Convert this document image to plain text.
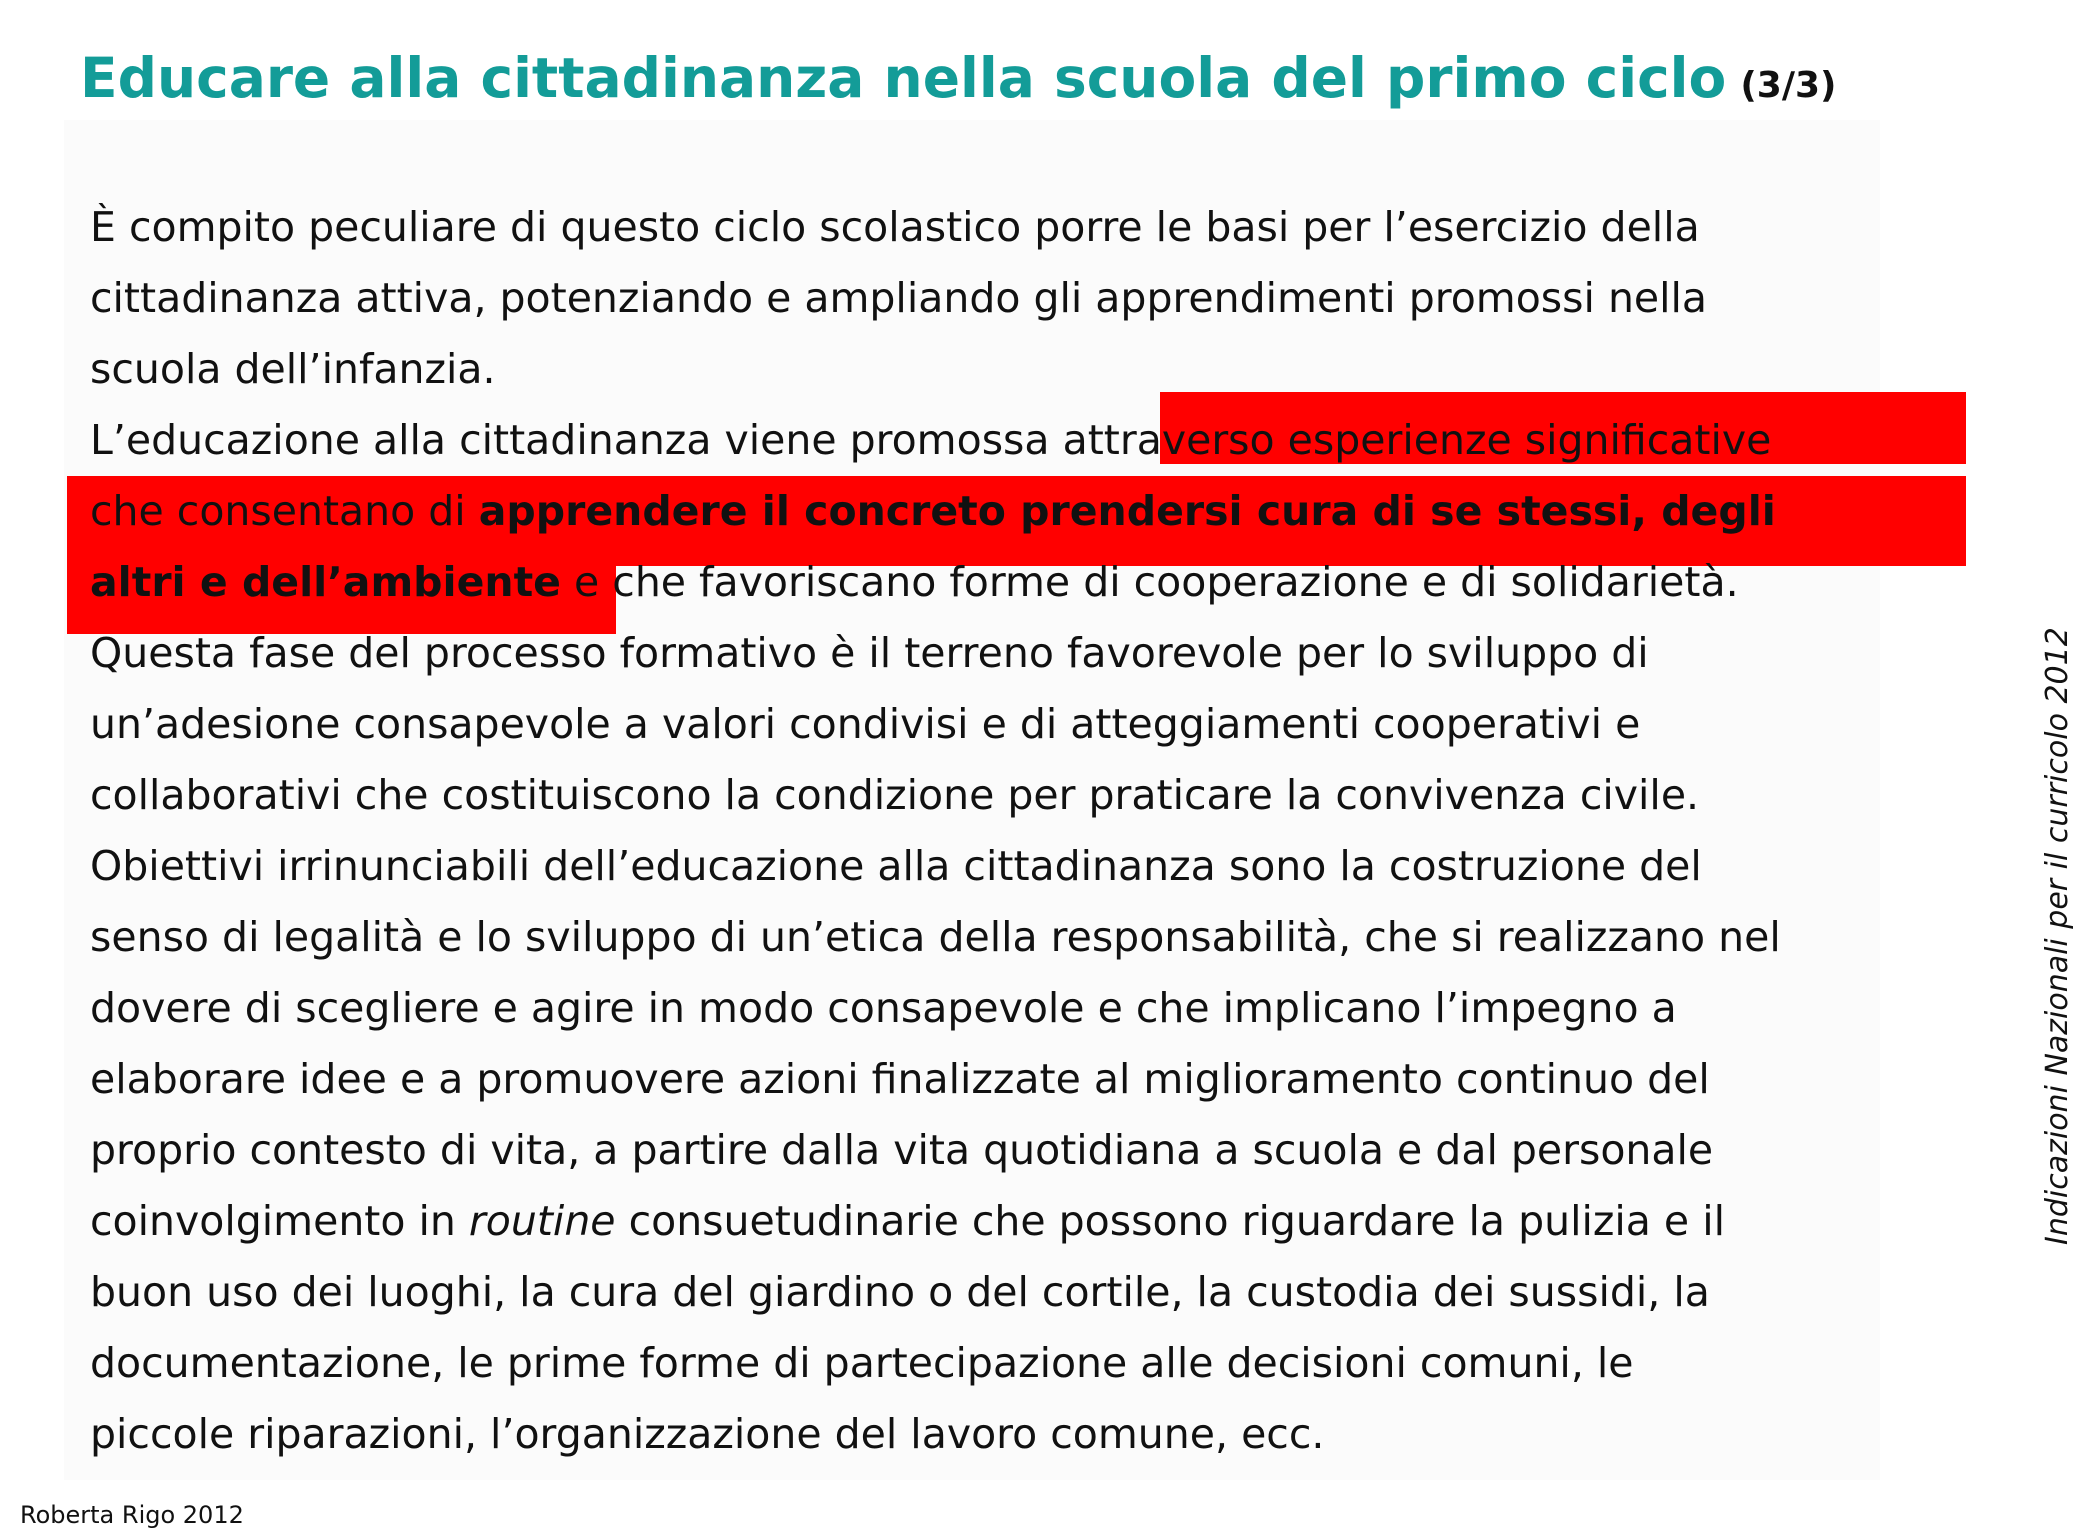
Educare alla cittadinanza nella scuola del primo ciclo (3/3)
È compito peculiare di questo ciclo scolastico porre le basi per l’esercizio della
cittadinanza attiva, potenziando e ampliando gli apprendimenti promossi nella
scuola dell’infanzia.
L’educazione alla cittadinanza viene promossa attraverso esperienze significative
che consentano di apprendere il concreto prendersi cura di se stessi, degli
altri e dell’ambiente e che favoriscano forme di cooperazione e di solidarietà.
Questa fase del processo formativo è il terreno favorevole per lo sviluppo di
un’adesione consapevole a valori condivisi e di atteggiamenti cooperativi e
collaborativi che costituiscono la condizione per praticare la convivenza civile.
Obiettivi irrinunciabili dell’educazione alla cittadinanza sono la costruzione del
senso di legalità e lo sviluppo di un’etica della responsabilità, che si realizzano nel
dovere di scegliere e agire in modo consapevole e che implicano l’impegno a
elaborare idee e a promuovere azioni finalizzate al miglioramento continuo del
proprio contesto di vita, a partire dalla vita quotidiana a scuola e dal personale
coinvolgimento in routine consuetudinarie che possono riguardare la pulizia e il
buon uso dei luoghi, la cura del giardino o del cortile, la custodia dei sussidi, la
documentazione, le prime forme di partecipazione alle decisioni comuni, le
piccole riparazioni, l’organizzazione del lavoro comune, ecc.
Indicazioni Nazionali per il curricolo 2012
Roberta Rigo 2012
